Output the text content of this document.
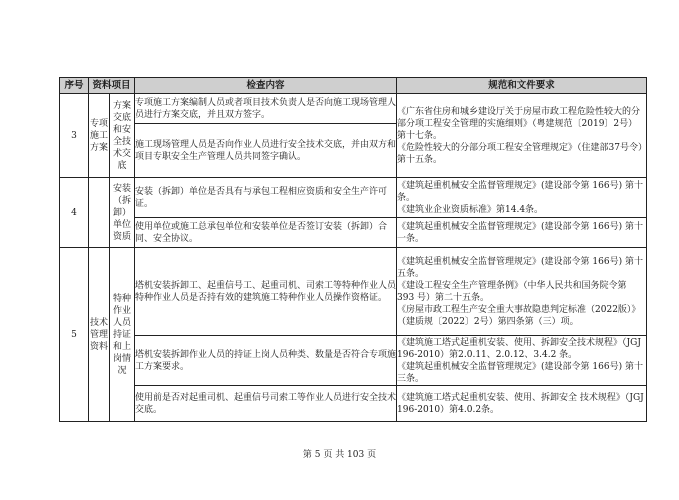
序号	资料项目		检查内容	规范和文件要求
3	专项施工方案	方案交底和安全技术交底	专项施工方案编制人员或者项目技术负责人是否向施工现场管理人员进行方案交底，并且双方签字。	《广东省住房和城乡建设厅关于房屋市政工程危险性较大的分部分项工程安全管理的实施细则》（粤建规范〔2019〕2号）第十七条。
《危险性较大的分部分项工程安全管理规定》（住建部37号令）第十五条。

			施工现场管理人员是否向作业人员进行安全技术交底，并由双方和项目专职安全生产管理人员共同签字确认。	
4		安装（拆卸）单位资质	安装（拆卸）单位是否具有与承包工程相应资质和安全生产许可证。	《建筑起重机械安全监督管理规定》(建设部令第 166号) 第十条。
《建筑业企业资质标准》第14.4条。

			使用单位或施工总承包单位和安装单位是否签订安装（拆卸）合同、安全协议。	《建筑起重机械安全监督管理规定》(建设部令第 166号) 第十一条。

5	技术管理资料	特种作业人员持证和上岗情况	塔机安装拆卸工、起重信号工、起重司机、司索工等特种作业人员特种作业人员是否持有效的建筑施工特种作业人员操作资格证。	《建筑起重机械安全监督管理规定》(建设部令第 166号) 第十五条。
《建设工程安全生产管理条例》（中华人民共和国务院令第 393 号）第二十五条。
《房屋市政工程生产安全重大事故隐患判定标准（2022版）》（建质规〔2022〕2号）第四条第（三）项。

			塔机安装拆卸作业人员的持证上岗人员种类、数量是否符合专项施工方案要求。	《建筑施工塔式起重机安装、使用、拆卸安全技术规程》（JGJ 196-2010）第2.0.11、2.0.12、3.4.2 条。
《建筑起重机械安全监督管理规定》(建设部令第 166号) 第十三条。

			使用前是否对起重司机、起重信号司索工等作业人员进行安全技术交底。	《建筑施工塔式起重机安装、使用、拆卸安全 技术规程》（JGJ 196-2010）第4.0.2条。
第 5 页 共 103 页
